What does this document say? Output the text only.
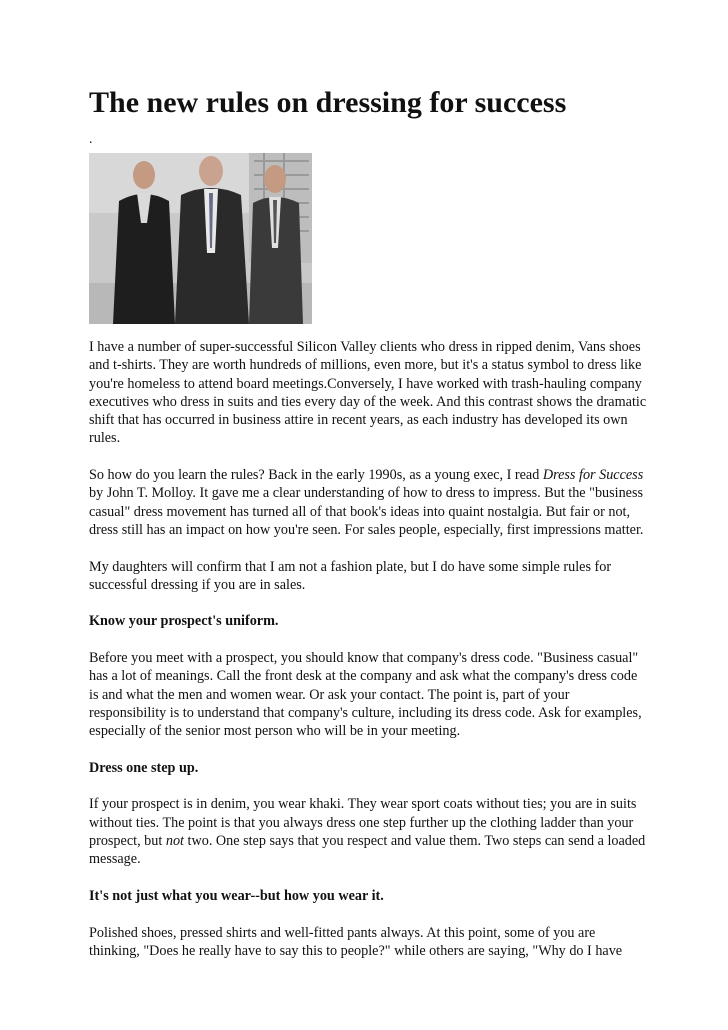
The new rules on dressing for success
.

I have a number of super-successful Silicon Valley clients who dress in ripped denim, Vans shoes and t-shirts. They are worth hundreds of millions, even more, but it's a status symbol to dress like you're homeless to attend board meetings.Conversely, I have worked with trash-hauling company executives who dress in suits and ties every day of the week. And this contrast shows the dramatic shift that has occurred in business attire in recent years, as each industry has developed its own rules.

So how do you learn the rules? Back in the early 1990s, as a young exec, I read Dress for Success by John T. Molloy. It gave me a clear understanding of how to dress to impress. But the "business casual" dress movement has turned all of that book's ideas into quaint nostalgia. But fair or not, dress still has an impact on how you're seen. For sales people, especially, first impressions matter.

My daughters will confirm that I am not a fashion plate, but I do have some simple rules for successful dressing if you are in sales.

Know your prospect's uniform.

Before you meet with a prospect, you should know that company's dress code. "Business casual" has a lot of meanings. Call the front desk at the company and ask what the company's dress code is and what the men and women wear. Or ask your contact. The point is, part of your responsibility is to understand that company's culture, including its dress code. Ask for examples, especially of the senior most person who will be in your meeting.

Dress one step up.

If your prospect is in denim, you wear khaki. They wear sport coats without ties; you are in suits without ties. The point is that you always dress one step further up the clothing ladder than your prospect, but not two. One step says that you respect and value them. Two steps can send a loaded message.

It's not just what you wear--but how you wear it.

Polished shoes, pressed shirts and well-fitted pants always. At this point, some of you are thinking, "Does he really have to say this to people?" while others are saying, "Why do I have
